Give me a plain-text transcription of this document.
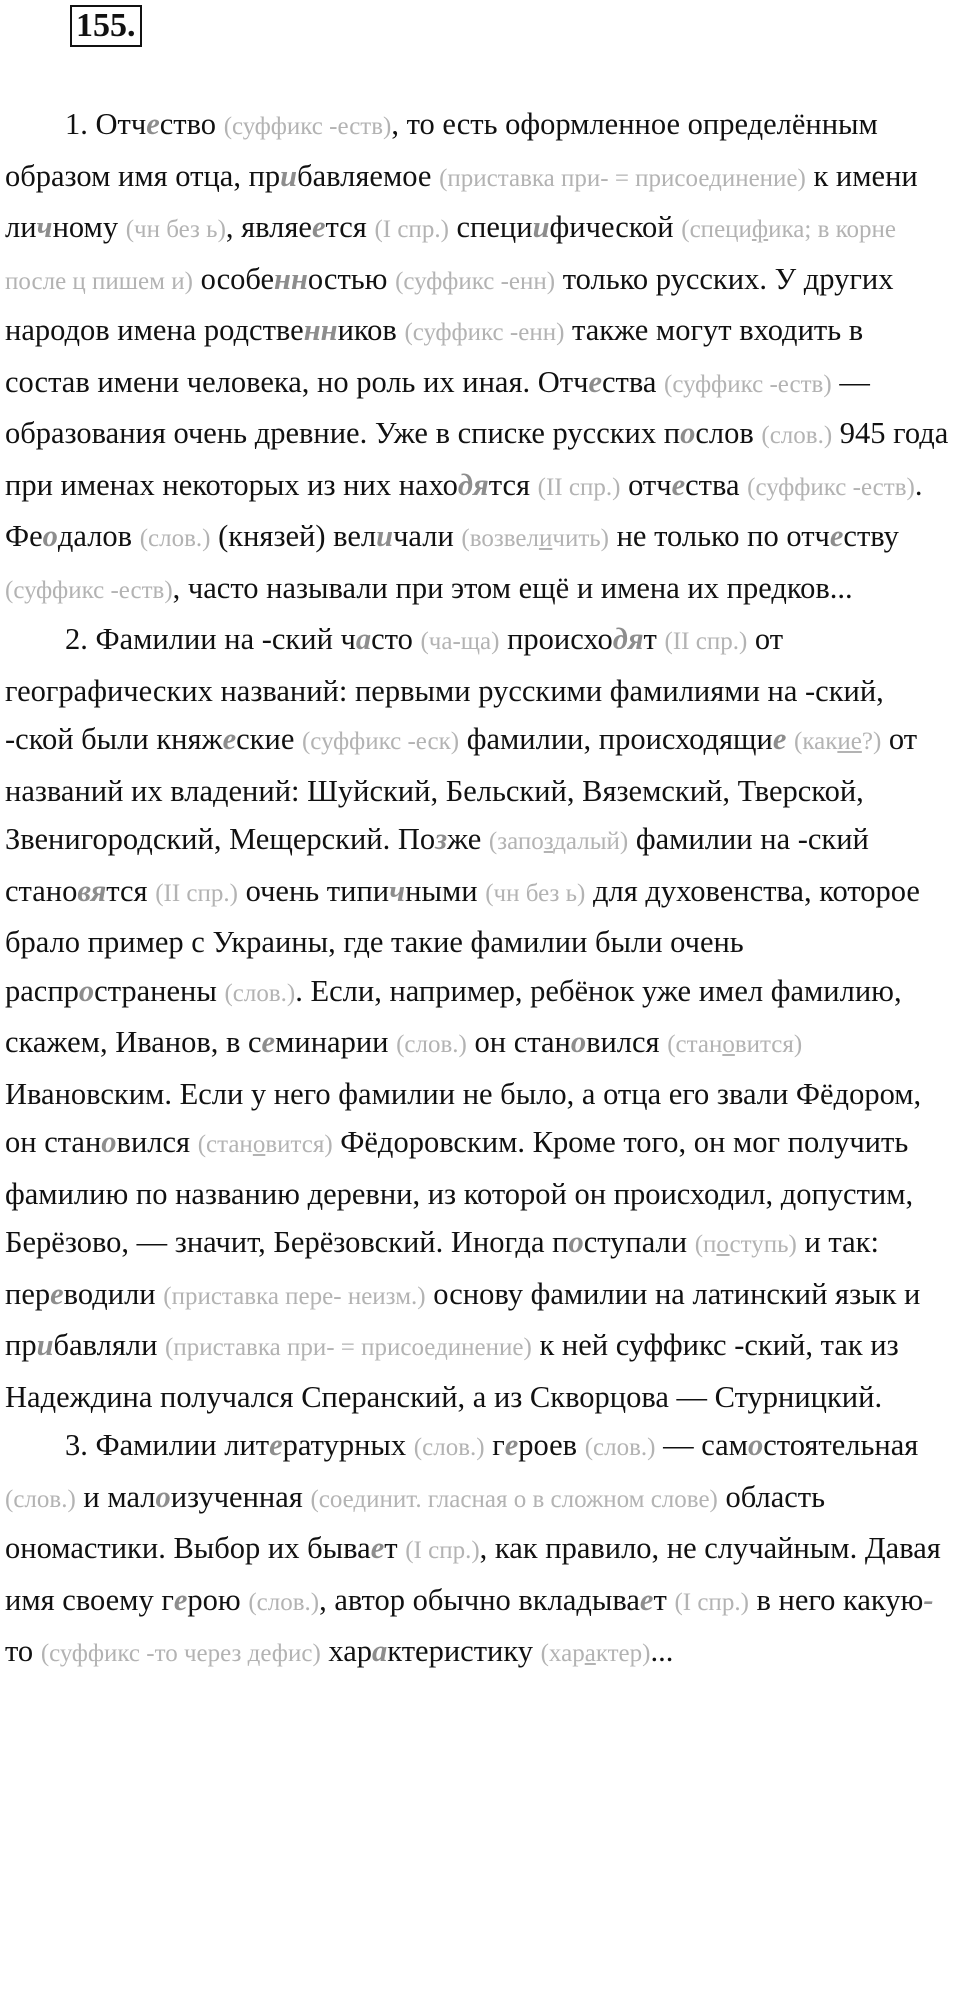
155.

1. Отчество (суффикс -еств), то есть оформленное определённым образом имя отца, прибавляемое (приставка при- = присоединение) к имени личному (чн без ь), являеется (I спр.) специифической (специфика; в корне после ц пишем и) особенностью (суффикс -енн) только русских. У других народов имена родственников (суффикс -енн) также могут входить в состав имени человека, но роль их иная. Отчества (суффикс -еств) — образования очень древние. Уже в списке русских послов (слов.) 945 года при именах некоторых из них находятся (II спр.) отчества (суффикс -еств). Феодалов (слов.) (князей) величали (возвеличить) не только по отчеству (суффикс -еств), часто называли при этом ещё и имена их предков...

2. Фамилии на -ский часто (ча-ща) происходят (II спр.) от географических названий: первыми русскими фамилиями на -ский, -ской были княжеские (суффикс -еск) фамилии, происходящие (какие?) от названий их владений: Шуйский, Бельский, Вяземский, Тверской, Звенигородский, Мещерский. Позже (запоздалый) фамилии на -ский становятся (II спр.) очень типичными (чн без ь) для духовенства, которое брало пример с Украины, где такие фамилии были очень распространены (слов.). Если, например, ребёнок уже имел фамилию, скажем, Иванов, в семинарии (слов.) он становился (становится) Ивановским. Если у него фамилии не было, а отца его звали Фёдором, он становился (становится) Фёдоровским. Кроме того, он мог получить фамилию по названию деревни, из которой он происходил, допустим, Берёзово, — значит, Берёзовский. Иногда поступали (поступь) и так: переводили (приставка пере- неизм.) основу фамилии на латинский язык и прибавляли (приставка при- = присоединение) к ней суффикс -ский, так из Надеждина получался Сперанский, а из Скворцова — Стурницкий.

3. Фамилии литературных (слов.) героев (слов.) — самостоятельная (слов.) и малоизученная (соединит. гласная о в сложном слове) область ономастики. Выбор их бывает (I спр.), как правило, не случайным. Давая имя своему герою (слов.), автор обычно вкладывает (I спр.) в него какую-то (суффикс -то через дефис) характеристику (характер)...
